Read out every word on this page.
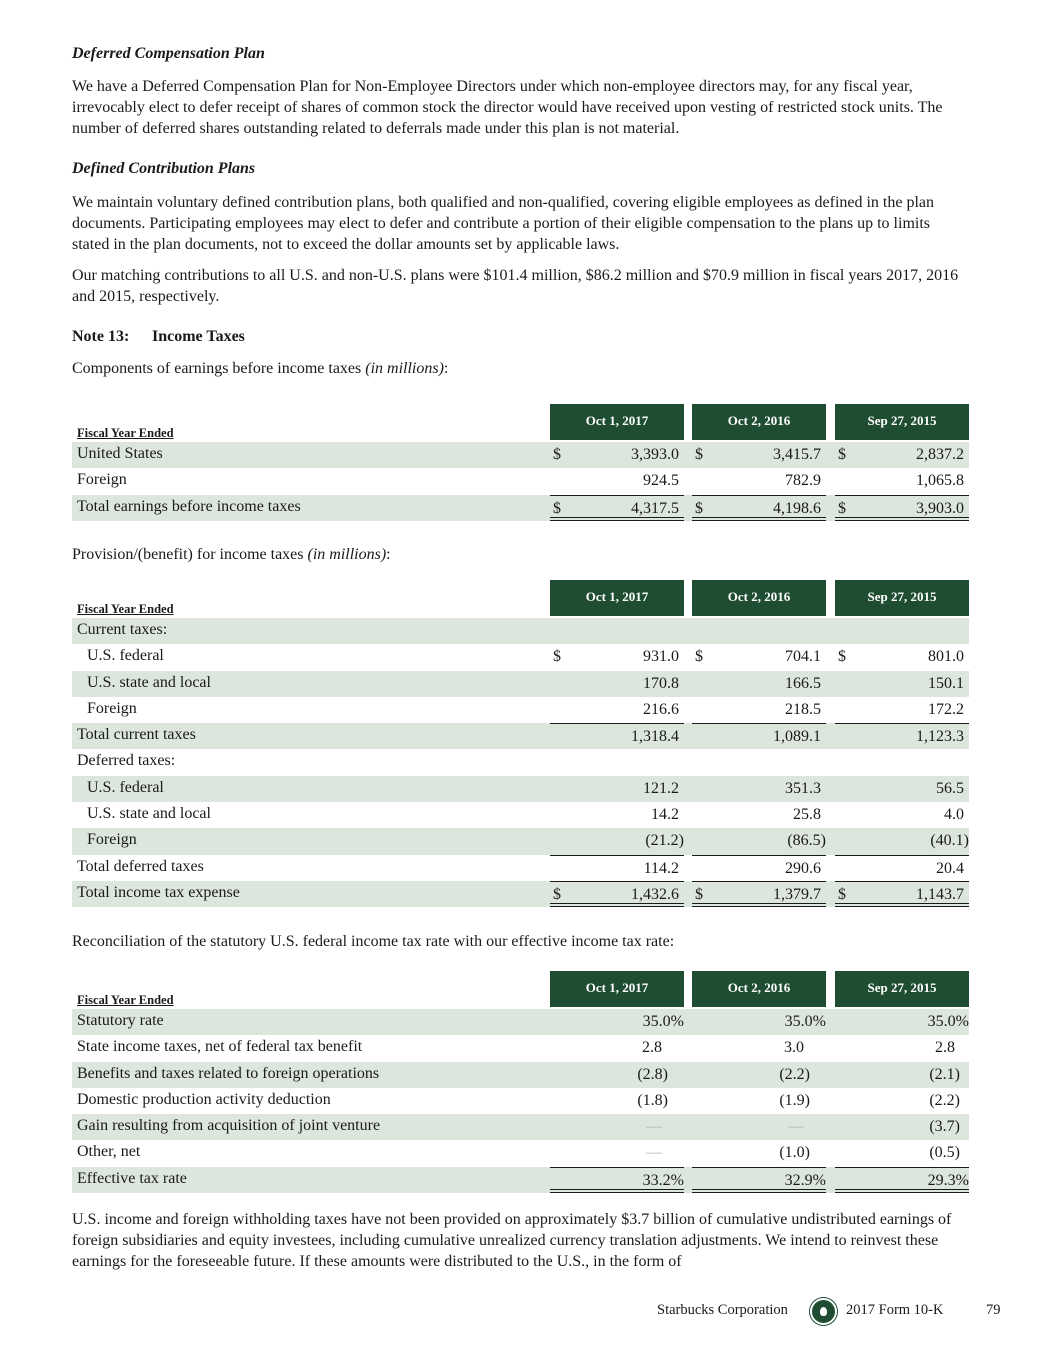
Deferred Compensation Plan
We have a Deferred Compensation Plan for Non-Employee Directors under which non-employee directors may, for any fiscal year, irrevocably elect to defer receipt of shares of common stock the director would have received upon vesting of restricted stock units. The number of deferred shares outstanding related to deferrals made under this plan is not material.
Defined Contribution Plans
We maintain voluntary defined contribution plans, both qualified and non-qualified, covering eligible employees as defined in the plan documents. Participating employees may elect to defer and contribute a portion of their eligible compensation to the plans up to limits stated in the plan documents, not to exceed the dollar amounts set by applicable laws.
Our matching contributions to all U.S. and non-U.S. plans were $101.4 million, $86.2 million and $70.9 million in fiscal years 2017, 2016 and 2015, respectively.
Note 13: Income Taxes
Components of earnings before income taxes (in millions):
Fiscal Year Ended
Oct 1, 2017	Oct 2, 2016	Sep 27, 2015
United States	$	3,393.0 $	3,415.7 $	2,837.2
Foreign	924.5	782.9	1,065.8
Total earnings before income taxes	$	4,317.5 $	4,198.6 $	3,903.0
Provision/(benefit) for income taxes (in millions):
Fiscal Year Ended
Oct 1, 2017	Oct 2, 2016	Sep 27, 2015
Current taxes:
U.S. federal	$	931.0 $	704.1 $	801.0
U.S. state and local	170.8	166.5	150.1
Foreign	216.6	218.5	172.2
Total current taxes	1,318.4	1,089.1	1,123.3
Deferred taxes:
U.S. federal	121.2	351.3	56.5
U.S. state and local	14.2	25.8	4.0
Foreign	(21.2)	(86.5)	(40.1)
Total deferred taxes	114.2	290.6	20.4
Total income tax expense	$	1,432.6 $	1,379.7 $	1,143.7
Reconciliation of the statutory U.S. federal income tax rate with our effective income tax rate:
Fiscal Year Ended
Oct 1, 2017	Oct 2, 2016	Sep 27, 2015
Statutory rate	35.0%	35.0%	35.0%
State income taxes, net of federal tax benefit	2.8	3.0	2.8
Benefits and taxes related to foreign operations	(2.8)	(2.2)	(2.1)
Domestic production activity deduction	(1.8)	(1.9)	(2.2)
Gain resulting from acquisition of joint venture	—	—	(3.7)
Other, net	—	(1.0)	(0.5)
Effective tax rate	33.2%	32.9%	29.3%
U.S. income and foreign withholding taxes have not been provided on approximately $3.7 billion of cumulative undistributed earnings of foreign subsidiaries and equity investees, including cumulative unrealized currency translation adjustments. We intend to reinvest these earnings for the foreseeable future. If these amounts were distributed to the U.S., in the form of
Starbucks Corporation	2017 Form 10-K	79
